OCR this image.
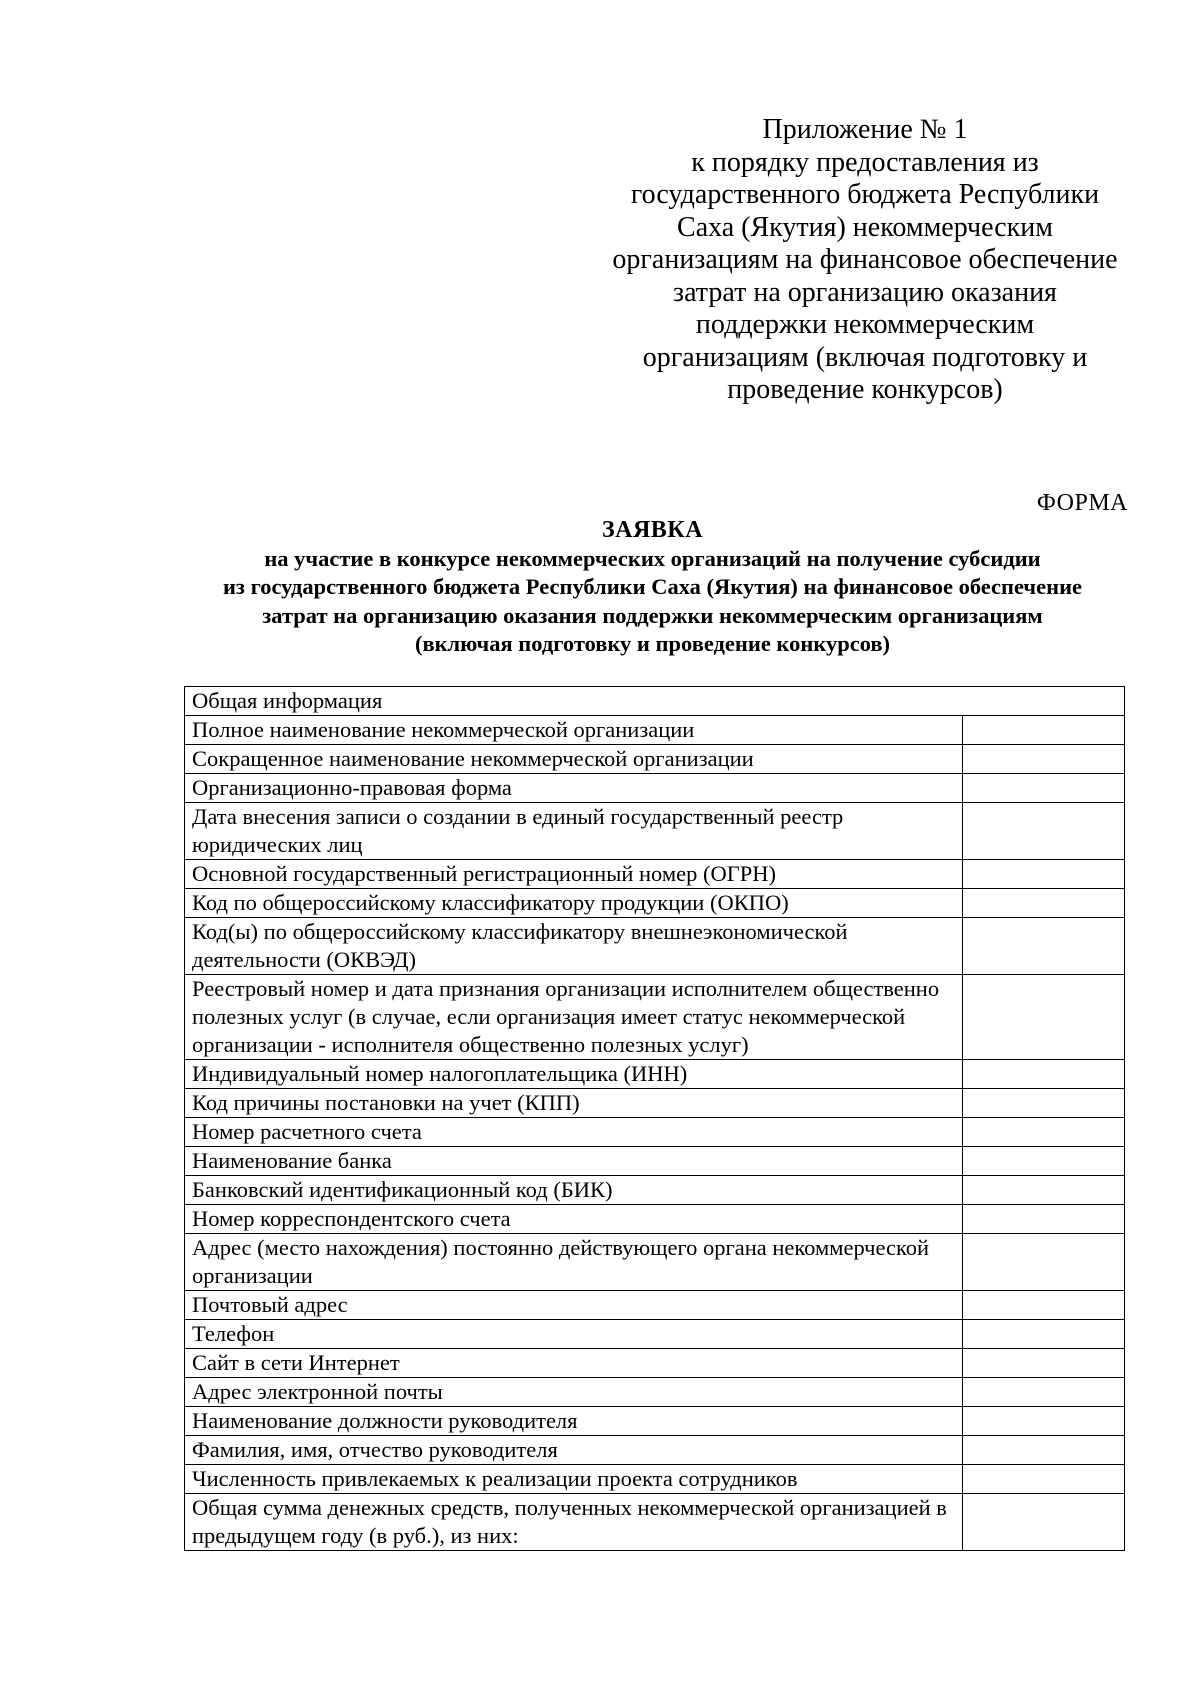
Приложение № 1
к порядку предоставления из
государственного бюджета Республики
Саха (Якутия) некоммерческим
организациям на финансовое обеспечение
затрат на организацию оказания
поддержки некоммерческим
организациям (включая подготовку и
проведение конкурсов)
ФОРМА
ЗАЯВКА
на участие в конкурсе некоммерческих организаций на получение субсидии
из государственного бюджета Республики Саха (Якутия) на финансовое обеспечение
затрат на организацию оказания поддержки некоммерческим организациям
(включая подготовку и проведение конкурсов)
Общая информация	
Полное наименование некоммерческой организации	
Сокращенное наименование некоммерческой организации	
Организационно-правовая форма	
Дата внесения записи о создании в единый государственный реестр юридических лиц	
Основной государственный регистрационный номер (ОГРН)	
Код по общероссийскому классификатору продукции (ОКПО)	
Код(ы) по общероссийскому классификатору внешнеэкономической деятельности (ОКВЭД)	
Реестровый номер и дата признания организации исполнителем общественно полезных услуг (в случае, если организация имеет статус некоммерческой организации - исполнителя общественно полезных услуг)	
Индивидуальный номер налогоплательщика (ИНН)	
Код причины постановки на учет (КПП)	
Номер расчетного счета	
Наименование банка	
Банковский идентификационный код (БИК)	
Номер корреспондентского счета	
Адрес (место нахождения) постоянно действующего органа некоммерческой организации	
Почтовый адрес	
Телефон	
Сайт в сети Интернет	
Адрес электронной почты	
Наименование должности руководителя	
Фамилия, имя, отчество руководителя	
Численность привлекаемых к реализации проекта сотрудников	
Общая сумма денежных средств, полученных некоммерческой организацией в предыдущем году (в руб.), из них:	
